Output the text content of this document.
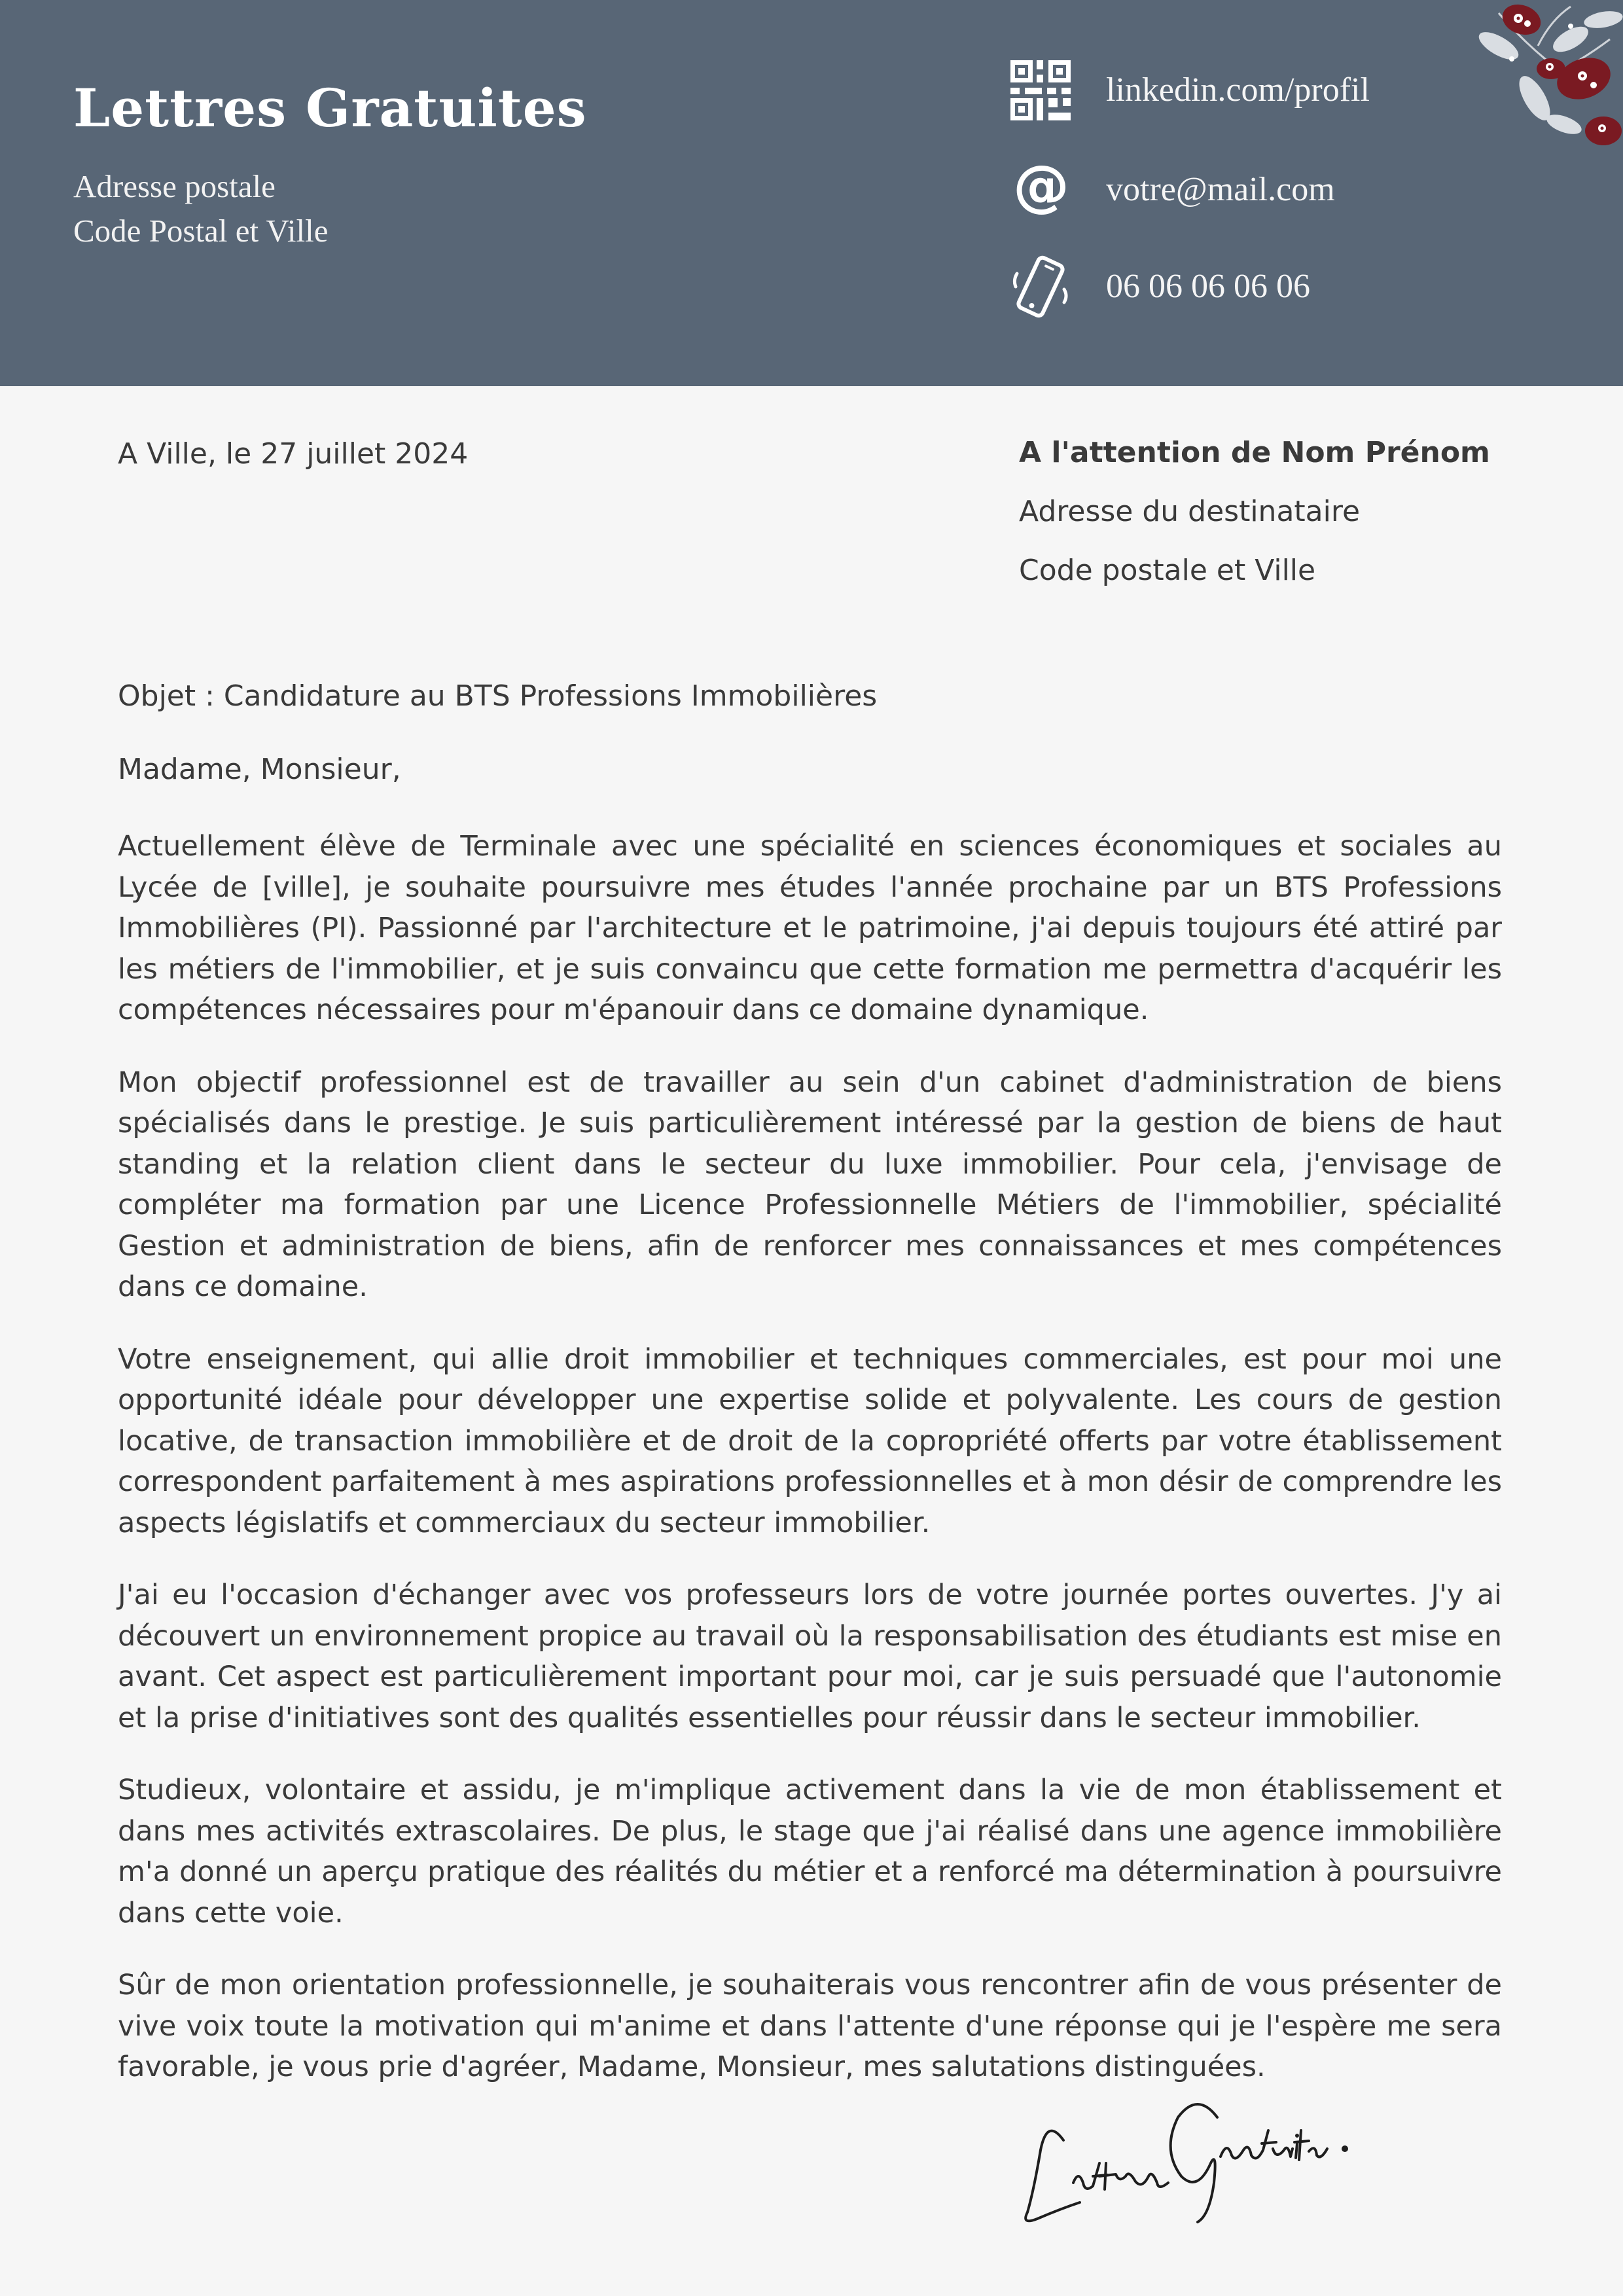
Lettres Gratuites
Adresse postale
Code Postal et Ville
linkedin.com/profil
@ votre@mail.com
06 06 06 06 06
A Ville, le 27 juillet 2024	A l'attention de Nom Prénom
Adresse du destinataire
Code postale et Ville
Objet : Candidature au BTS Professions Immobilières
Madame, Monsieur,

Actuellement élève de Terminale avec une spécialité en sciences économiques et sociales au Lycée de [ville], je souhaite poursuivre mes études l'année prochaine par un BTS Professions Immobilières (PI). Passionné par l'architecture et le patrimoine, j'ai depuis toujours été attiré par les métiers de l'immobilier, et je suis convaincu que cette formation me permettra d'acquérir les compétences nécessaires pour m'épanouir dans ce domaine dynamique.

Mon objectif professionnel est de travailler au sein d'un cabinet d'administration de biens spécialisés dans le prestige. Je suis particulièrement intéressé par la gestion de biens de haut standing et la relation client dans le secteur du luxe immobilier. Pour cela, j'envisage de compléter ma formation par une Licence Professionnelle Métiers de l'immobilier, spécialité Gestion et administration de biens, afin de renforcer mes connaissances et mes compétences dans ce domaine.

Votre enseignement, qui allie droit immobilier et techniques commerciales, est pour moi une opportunité idéale pour développer une expertise solide et polyvalente. Les cours de gestion locative, de transaction immobilière et de droit de la copropriété offerts par votre établissement correspondent parfaitement à mes aspirations professionnelles et à mon désir de comprendre les aspects législatifs et commerciaux du secteur immobilier.

J'ai eu l'occasion d'échanger avec vos professeurs lors de votre journée portes ouvertes. J'y ai découvert un environnement propice au travail où la responsabilisation des étudiants est mise en avant. Cet aspect est particulièrement important pour moi, car je suis persuadé que l'autonomie et la prise d'initiatives sont des qualités essentielles pour réussir dans le secteur immobilier.

Studieux, volontaire et assidu, je m'implique activement dans la vie de mon établissement et dans mes activités extrascolaires. De plus, le stage que j'ai réalisé dans une agence immobilière m'a donné un aperçu pratique des réalités du métier et a renforcé ma détermination à poursuivre dans cette voie.

Sûr de mon orientation professionnelle, je souhaiterais vous rencontrer afin de vous présenter de vive voix toute la motivation qui m'anime et dans l'attente d'une réponse qui je l'espère me sera favorable, je vous prie d'agréer, Madame, Monsieur, mes salutations distinguées.
